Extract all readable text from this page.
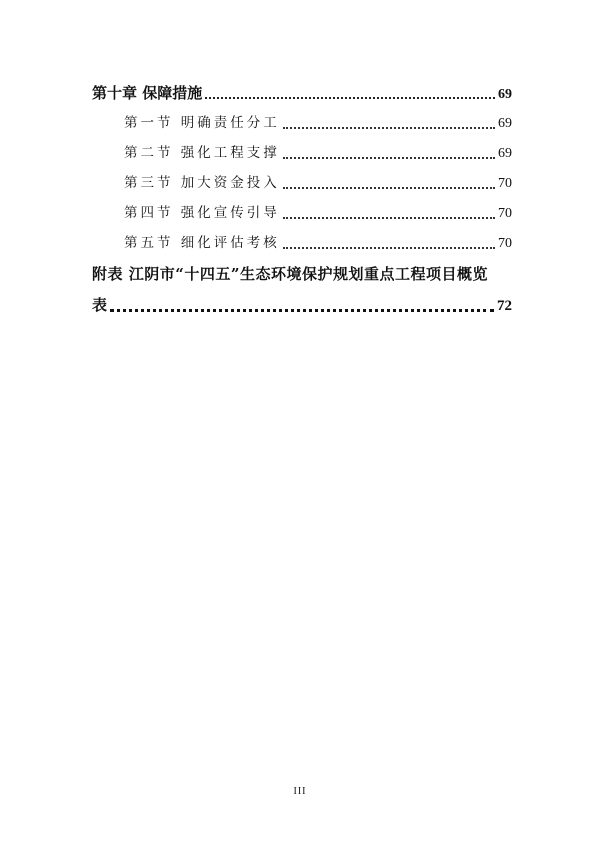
第十章 保障措施	69
第一节 明确责任分工	69
第二节 强化工程支撑	69
第三节 加大资金投入	70
第四节 强化宣传引导	70
第五节 细化评估考核	70
附表 江阴市“十四五”生态环境保护规划重点工程项目概览
表	72
III
